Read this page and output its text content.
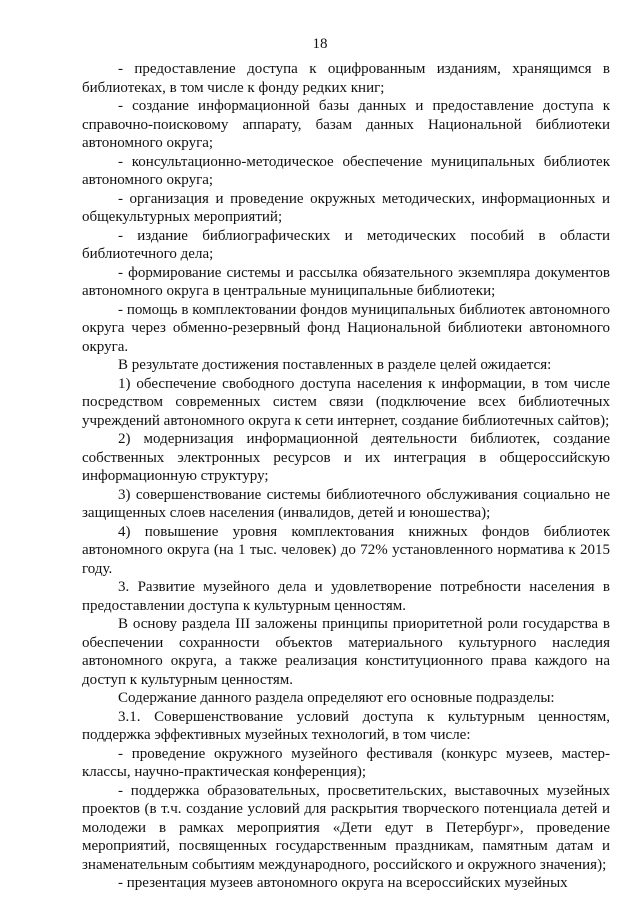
18

- предоставление доступа к оцифрованным изданиям, хранящимся в библиотеках, в том числе к фонду редких книг;

- создание информационной базы данных и предоставление доступа к справочно-поисковому аппарату, базам данных Национальной библиотеки автономного округа;

- консультационно-методическое обеспечение муниципальных библиотек автономного округа;

- организация и проведение окружных методических, информационных и общекультурных мероприятий;

- издание библиографических и методических пособий в области библиотечного дела;

- формирование системы и рассылка обязательного экземпляра документов автономного округа в центральные муниципальные библиотеки;

- помощь в комплектовании фондов муниципальных библиотек автономного округа через обменно-резервный фонд Национальной библиотеки автономного округа.

В результате достижения поставленных в разделе целей ожидается:

1) обеспечение свободного доступа населения к информации, в том числе посредством современных систем связи (подключение всех библиотечных учреждений автономного округа к сети интернет, создание библиотечных сайтов);

2) модернизация информационной деятельности библиотек, создание собственных электронных ресурсов и их интеграция в общероссийскую информационную структуру;

3) совершенствование системы библиотечного обслуживания социально не защищенных слоев населения (инвалидов, детей и юношества);

4) повышение уровня комплектования книжных фондов библиотек автономного округа (на 1 тыс. человек) до 72% установленного норматива к 2015 году.

3. Развитие музейного дела и удовлетворение потребности населения в предоставлении доступа к культурным ценностям.

В основу раздела III заложены принципы приоритетной роли государства в обеспечении сохранности объектов материального культурного наследия автономного округа, а также реализация конституционного права каждого на доступ к культурным ценностям.

Содержание данного раздела определяют его основные подразделы:

3.1. Совершенствование условий доступа к культурным ценностям, поддержка эффективных музейных технологий, в том числе:

- проведение окружного музейного фестиваля (конкурс музеев, мастер-классы, научно-практическая конференция);

- поддержка образовательных, просветительских, выставочных музейных проектов (в т.ч. создание условий для раскрытия творческого потенциала детей и молодежи в рамках мероприятия «Дети едут в Петербург», проведение мероприятий, посвященных государственным праздникам, памятным датам и знаменательным событиям международного, российского и окружного значения);

- презентация музеев автономного округа на всероссийских музейных
